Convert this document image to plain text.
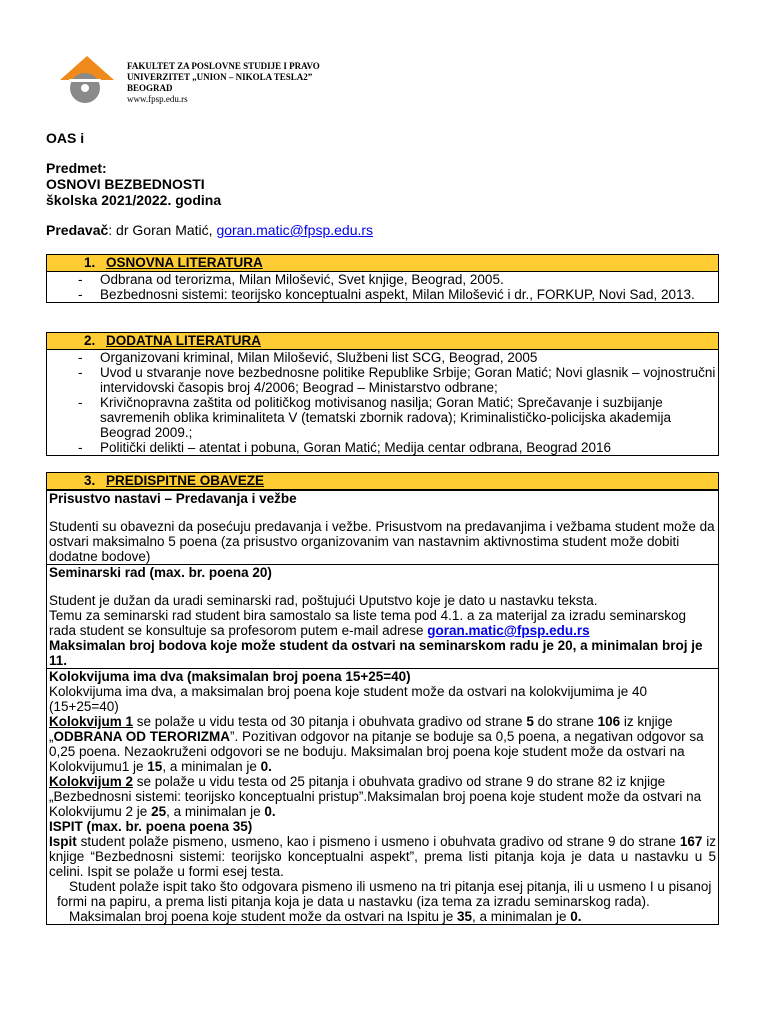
FAKULTET ZA POSLOVNE STUDIJE I PRAVO
UNIVERZITET „UNION – NIKOLA TESLA2”
BEOGRAD
www.fpsp.edu.rs
OAS i
Predmet:
OSNOVI BEZBEDNOSTI
školska 2021/2022. godina
Predavač: dr Goran Matić, goran.matic@fpsp.edu.rs
1. OSNOVNA LITERATURA
- Odbrana od terorizma, Milan Milošević, Svet knjige, Beograd, 2005.
- Bezbednosni sistemi: teorijsko konceptualni aspekt, Milan Milošević i dr., FORKUP, Novi Sad, 2013.
2. DODATNA LITERATURA
- Organizovani kriminal, Milan Milošević, Službeni list SCG, Beograd, 2005
- Uvod u stvaranje nove bezbednosne politike Republike Srbije; Goran Matić; Novi glasnik – vojnostručni intervidovski časopis broj 4/2006; Beograd – Ministarstvo odbrane;
- Krivičnopravna zaštita od političkog motivisanog nasilja; Goran Matić; Sprečavanje i suzbijanje savremenih oblika kriminaliteta V (tematski zbornik radova); Kriminalističko-policijska akademija Beograd 2009.;
- Politički delikti – atentat i pobuna, Goran Matić; Medija centar odbrana, Beograd 2016
3. PREDISPITNE OBAVEZE

Prisustvo nastavi – Predavanja i vežbe

Studenti su obavezni da posećuju predavanja i vežbe. Prisustvom na predavanjima i vežbama student može da ostvari maksimalno 5 poena (za prisustvo organizovanim van nastavnim aktivnostima student može dobiti dodatne bodove)

Seminarski rad (max. br. poena 20)

Student je dužan da uradi seminarski rad, poštujući Uputstvo koje je dato u nastavku teksta.

Temu za seminarski rad student bira samostalo sa liste tema pod 4.1. a za materijal za izradu seminarskog rada student se konsultuje sa profesorom putem e-mail adrese goran.matic@fpsp.edu.rs

Maksimalan broj bodova koje može student da ostvari na seminarskom radu je 20, a minimalan broj je 11.

Kolokvijuma ima dva (maksimalan broj poena 15+25=40)

Kolokvijuma ima dva, a maksimalan broj poena koje student može da ostvari na kolokvijumima je 40 (15+25=40)

Kolokvijum 1 se polaže u vidu testa od 30 pitanja i obuhvata gradivo od strane 5 do strane 106 iz knjige „ODBRANA OD TERORIZMA”. Pozitivan odgovor na pitanje se boduje sa 0,5 poena, a negativan odgovor sa 0,25 poena. Nezaokruženi odgovori se ne boduju. Maksimalan broj poena koje student može da ostvari na Kolokvijumu1 je 15, a minimalan je 0.

Kolokvijum 2 se polaže u vidu testa od 25 pitanja i obuhvata gradivo od strane 9 do strane 82 iz knjige „Bezbednosni sistemi: teorijsko konceptualni pristup”.Maksimalan broj poena koje student može da ostvari na Kolokvijumu 2 je 25, a minimalan je 0.

ISPIT (max. br. poena poena 35)

Ispit student polaže pismeno, usmeno, kao i pismeno i usmeno i obuhvata gradivo od strane 9 do strane 167 iz knjige “Bezbednosni sistemi: teorijsko konceptualni aspekt”, prema listi pitanja koja je data u nastavku u 5 celini. Ispit se polaže u formi esej testa.

Student polaže ispit tako što odgovara pismeno ili usmeno na tri pitanja esej pitanja, ili u usmeno I u pisanoj formi na papiru, a prema listi pitanja koja je data u nastavku (iza tema za izradu seminarskog rada).

Maksimalan broj poena koje student može da ostvari na Ispitu je 35, a minimalan je 0.
